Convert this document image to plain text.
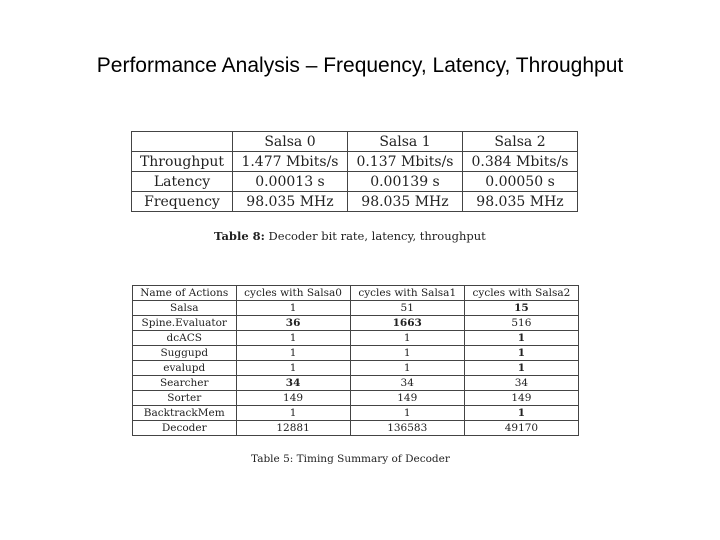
Performance Analysis – Frequency, Latency, Throughput
	Salsa 0	Salsa 1	Salsa 2
Throughput	1.477 Mbits/s	0.137 Mbits/s	0.384 Mbits/s
Latency	0.00013 s	0.00139 s	0.00050 s
Frequency	98.035 MHz	98.035 MHz	98.035 MHz
Table 8: Decoder bit rate, latency, throughput
Name of Actions	cycles with Salsa0	cycles with Salsa1	cycles with Salsa2
Salsa	1	51	15
Spine.Evaluator	36	1663	516
dcACS	1	1	1
Suggupd	1	1	1
evalupd	1	1	1
Searcher	34	34	34
Sorter	149	149	149
BacktrackMem	1	1	1
Decoder	12881	136583	49170
Table 5: Timing Summary of Decoder
